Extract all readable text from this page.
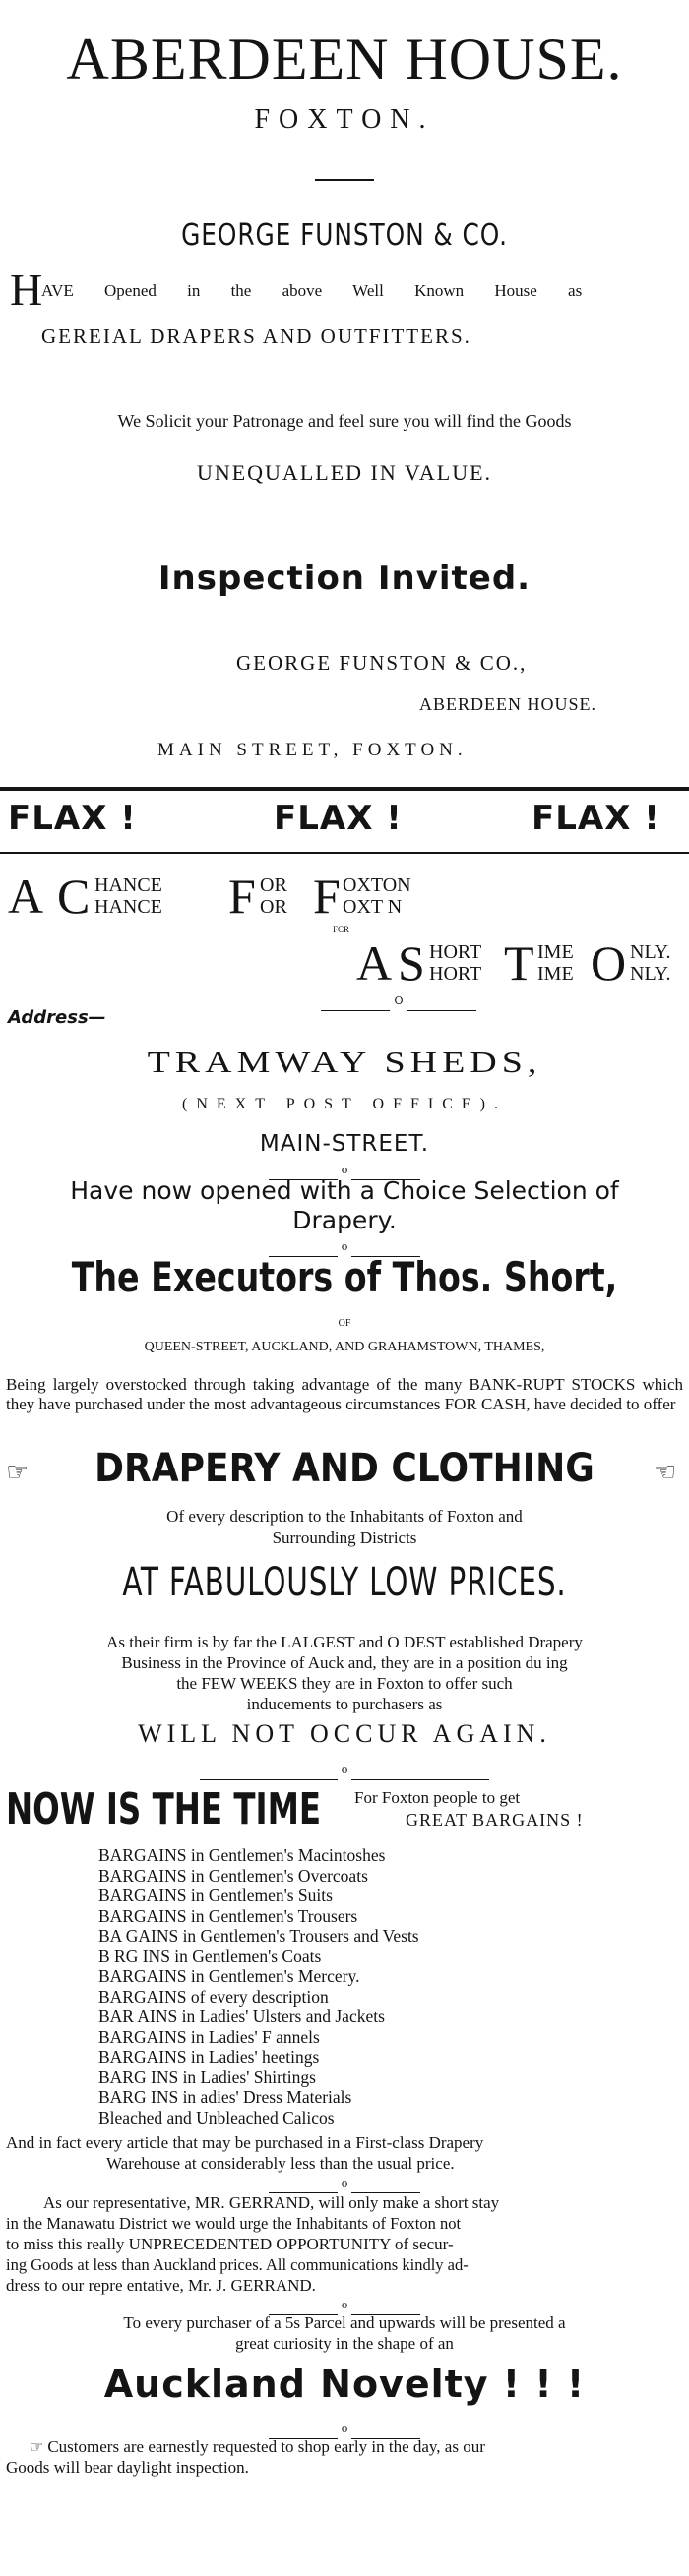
ABERDEEN HOUSE.
FOXTON.
GEORGE FUNSTON & CO.
H
AVE Opened in the above Well Known House as
GEREIAL DRAPERS AND OUTFITTERS.
We Solicit your Patronage and feel sure you will find the Goods
UNEQUALLED IN VALUE.
Inspection Invited.
GEORGE FUNSTON & CO.,
ABERDEEN HOUSE.
MAIN STREET, FOXTON.
FLAX !	FLAX !	FLAX !
A C HANCE
HANCE F OR
OR F OXTON
OXT N
FCR
A S HORT
HORT T IME
IME O NLY.
NLY.
O
Address—
TRAMWAY SHEDS,
(NEXT POST OFFICE).
MAIN-STREET.
o
Have now opened with a Choice Selection of
Drapery.
o
The Executors of Thos. Short,
OF
QUEEN-STREET, AUCKLAND, AND GRAHAMSTOWN, THAMES,
Being largely overstocked through taking advantage of the many BANK-RUPT STOCKS which they have purchased under the most advantageous circumstances FOR CASH, have decided to offer
☞	DRAPERY AND CLOTHING	☞
Of every description to the Inhabitants of Foxton and
Surrounding Districts
AT FABULOUSLY LOW PRICES.
As their firm is by far the LALGEST and O DEST established Drapery
Business in the Province of Auck and, they are in a position du ing
the FEW WEEKS they are in Foxton to offer such
inducements to purchasers as
WILL NOT OCCUR AGAIN.
o
NOW IS THE TIME For Foxton people to get
GREAT BARGAINS !
BARGAINS in Gentlemen's Macintoshes
BARGAINS in Gentlemen's Overcoats
BARGAINS in Gentlemen's Suits
BARGAINS in Gentlemen's Trousers
BA GAINS in Gentlemen's Trousers and Vests
B RG INS in Gentlemen's Coats
BARGAINS in Gentlemen's Mercery.
BARGAINS of every description
BAR AINS in Ladies' Ulsters and Jackets
BARGAINS in Ladies' F annels
BARGAINS in Ladies' heetings
BARG INS in Ladies' Shirtings
BARG INS in adies' Dress Materials
Bleached and Unbleached Calicos
And in fact every article that may be purchased in a First-class Drapery
Warehouse at considerably less than the usual price.
o
As our representative, MR. GERRAND, will only make a short stay
in the Manawatu District we would urge the Inhabitants of Foxton not
to miss this really UNPRECEDENTED OPPORTUNITY of secur-
ing Goods at less than Auckland prices. All communications kindly ad-
dress to our repre entative, Mr. J. GERRAND.
o
To every purchaser of a 5s Parcel and upwards will be presented a
great curiosity in the shape of an
Auckland Novelty ! ! !
o
☞ Customers are earnestly requested to shop early in the day, as our
Goods will bear daylight inspection.
